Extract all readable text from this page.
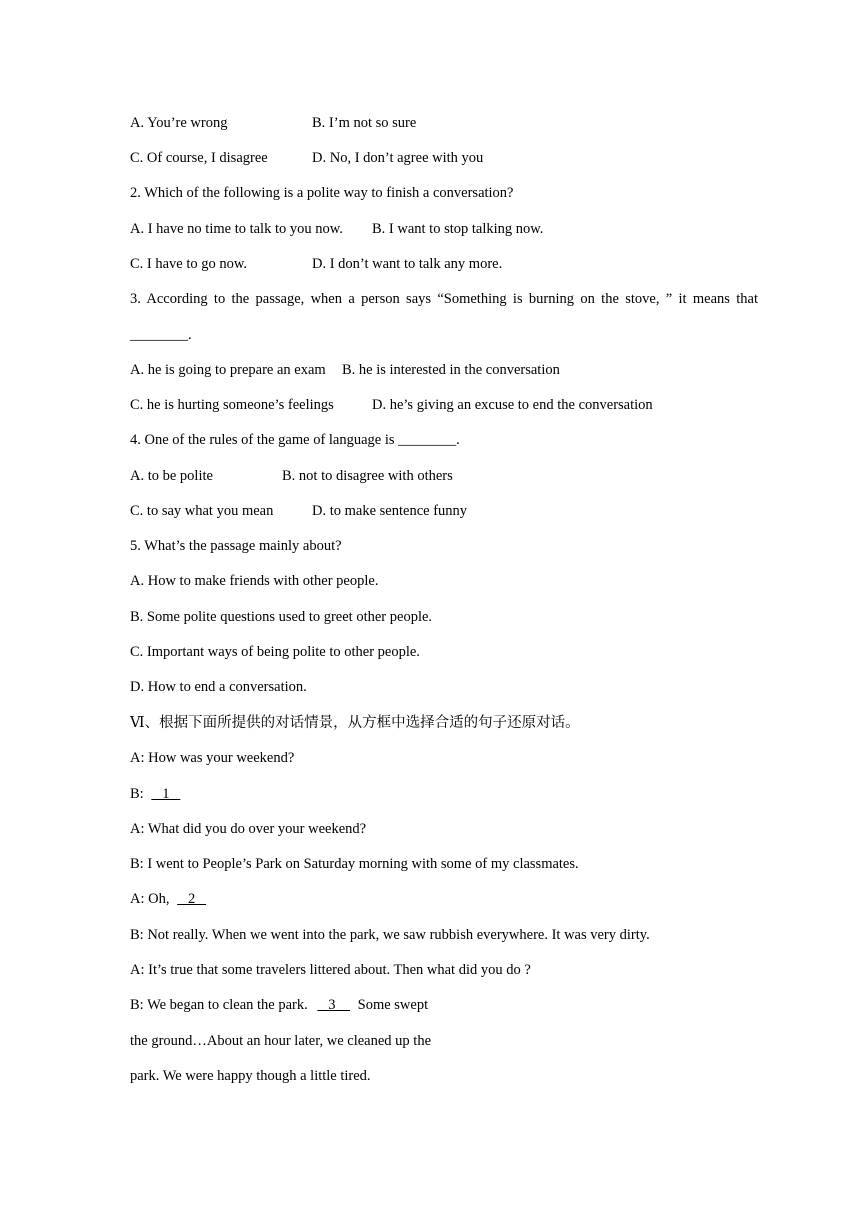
A. You’re wrong	B. I’m not so sure
C. Of course, I disagree	D. No, I don’t agree with you
2. Which of the following is a polite way to finish a conversation?
A. I have no time to talk to you now. B. I want to stop talking now.
C. I have to go now.	D. I don’t want to talk any more.
3. According to the passage, when a person says “Something is burning on the stove, ” it means that
________.
A. he is going to prepare an exam B. he is interested in the conversation
C. he is hurting someone’s feelings	D. he’s giving an excuse to end the conversation
4. One of the rules of the game of language is ________.
A. to be polite	B. not to disagree with others
C. to say what you mean	D. to make sentence funny
5. What’s the passage mainly about?
A. How to make friends with other people.
B. Some polite questions used to greet other people.
C. Important ways of being polite to other people.
D. How to end a conversation.
Ⅵ、根据下面所提供的对话情景，从方框中选择合适的句子还原对话。
A: How was your weekend?
B:    1
A: What did you do over your weekend?
B: I went to People’s Park on Saturday morning with some of my classmates.
A: Oh,    2
B: Not really. When we went into the park, we saw rubbish everywhere. It was very dirty.
A: It’s true that some travelers littered about. Then what did you do ?
B: We began to clean the park.    3     Some swept
the ground…About an hour later, we cleaned up the
park. We were happy though a little tired.
